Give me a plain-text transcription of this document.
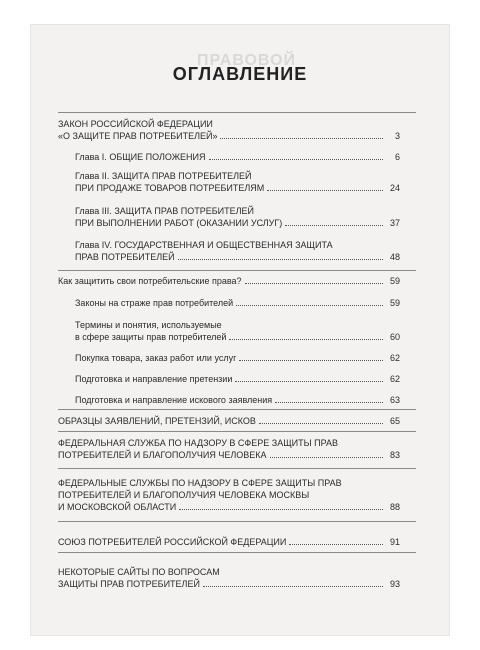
ПРАВОВОЙ
ОГЛАВЛЕНИЕ
ЗАКОН РОССИЙСКОЙ ФЕДЕРАЦИИ
«О ЗАЩИТЕ ПРАВ ПОТРЕБИТЕЛЕЙ»	3
Глава I. ОБЩИЕ ПОЛОЖЕНИЯ	6
Глава II. ЗАЩИТА ПРАВ ПОТРЕБИТЕЛЕЙ
ПРИ ПРОДАЖЕ ТОВАРОВ ПОТРЕБИТЕЛЯМ	24
Глава III. ЗАЩИТА ПРАВ ПОТРЕБИТЕЛЕЙ
ПРИ ВЫПОЛНЕНИИ РАБОТ (ОКАЗАНИИ УСЛУГ)	37
Глава IV. ГОСУДАРСТВЕННАЯ И ОБЩЕСТВЕННАЯ ЗАЩИТА
ПРАВ ПОТРЕБИТЕЛЕЙ	48
Как защитить свои потребительские права?	59
Законы на страже прав потребителей	59
Термины и понятия, используемые
в сфере защиты прав потребителей	60
Покупка товара, заказ работ или услуг	62
Подготовка и направление претензии	62
Подготовка и направление искового заявления	63
ОБРАЗЦЫ ЗАЯВЛЕНИЙ, ПРЕТЕНЗИЙ, ИСКОВ	65
ФЕДЕРАЛЬНАЯ СЛУЖБА ПО НАДЗОРУ В СФЕРЕ ЗАЩИТЫ ПРАВ
ПОТРЕБИТЕЛЕЙ И БЛАГОПОЛУЧИЯ ЧЕЛОВЕКА	83
ФЕДЕРАЛЬНЫЕ СЛУЖБЫ ПО НАДЗОРУ В СФЕРЕ ЗАЩИТЫ ПРАВ
ПОТРЕБИТЕЛЕЙ И БЛАГОПОЛУЧИЯ ЧЕЛОВЕКА МОСКВЫ
И МОСКОВСКОЙ ОБЛАСТИ	88
СОЮЗ ПОТРЕБИТЕЛЕЙ РОССИЙСКОЙ ФЕДЕРАЦИИ	91
НЕКОТОРЫЕ САЙТЫ ПО ВОПРОСАМ
ЗАЩИТЫ ПРАВ ПОТРЕБИТЕЛЕЙ	93
